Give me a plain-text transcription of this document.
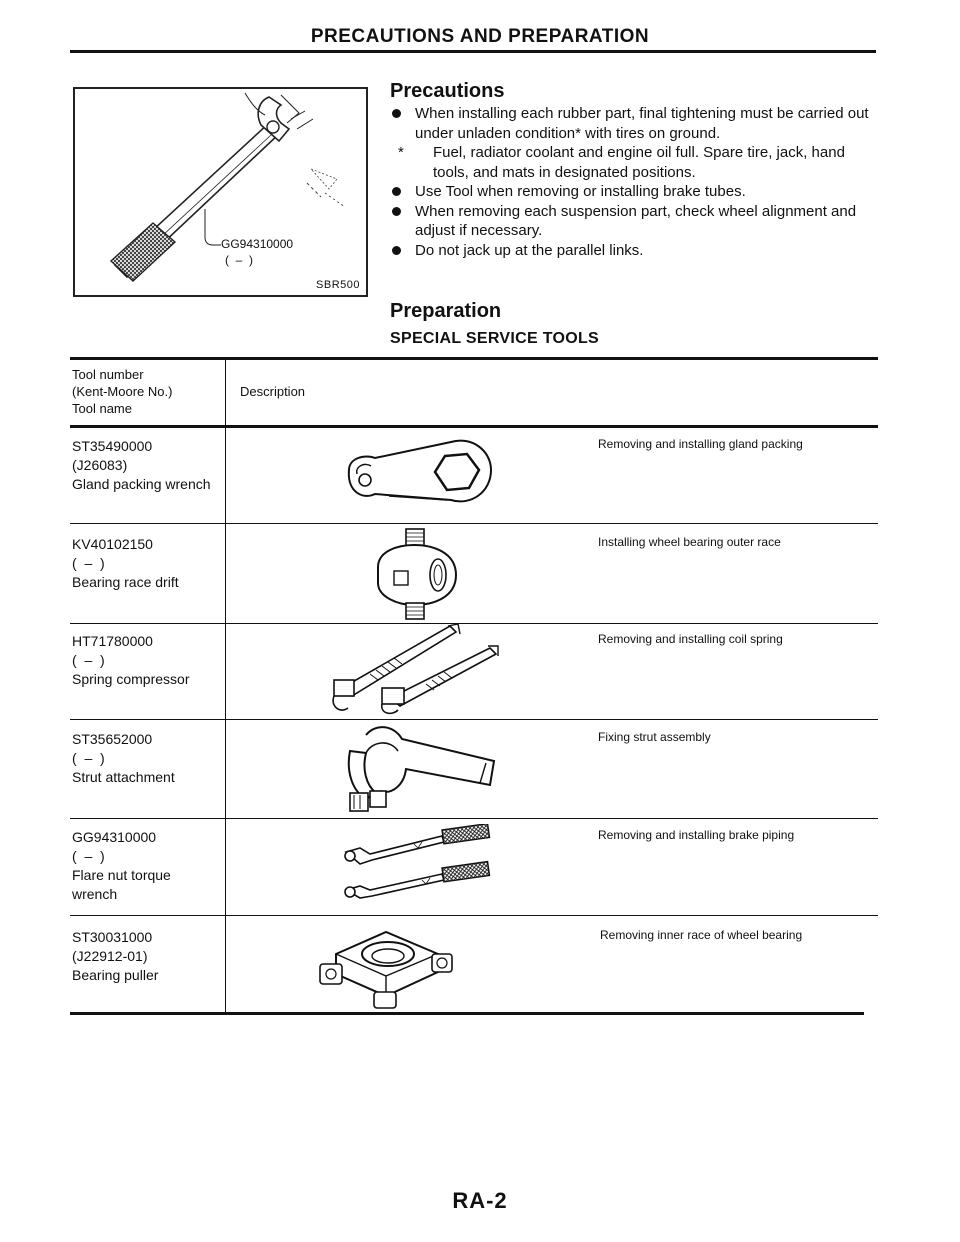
PRECAUTIONS AND PREPARATION
GG94310000
(  –  )
SBR500
Precautions

When installing each rubber part, final tightening must be carried out under unladen condition* with tires on ground.

*	Fuel, radiator coolant and engine oil full. Spare tire, jack, hand tools, and mats in designated positions.

Use Tool when removing or installing brake tubes.

When removing each suspension part, check wheel alignment and adjust if necessary.

Do not jack up at the parallel links.

Preparation
SPECIAL SERVICE TOOLS
Tool number
(Kent-Moore No.)
Tool name
Description
ST35490000
(J26083)
Gland packing wrench
Removing and installing gland packing
KV40102150
(  –  )
Bearing race drift
Installing wheel bearing outer race
HT71780000
(  –  )
Spring compressor
Removing and installing coil spring
ST35652000
(  –  )
Strut attachment
Fixing strut assembly
GG94310000
(  –  )
Flare nut torque
wrench
Removing and installing brake piping
ST30031000
(J22912-01)
Bearing puller
Removing inner race of wheel bearing
RA-2
